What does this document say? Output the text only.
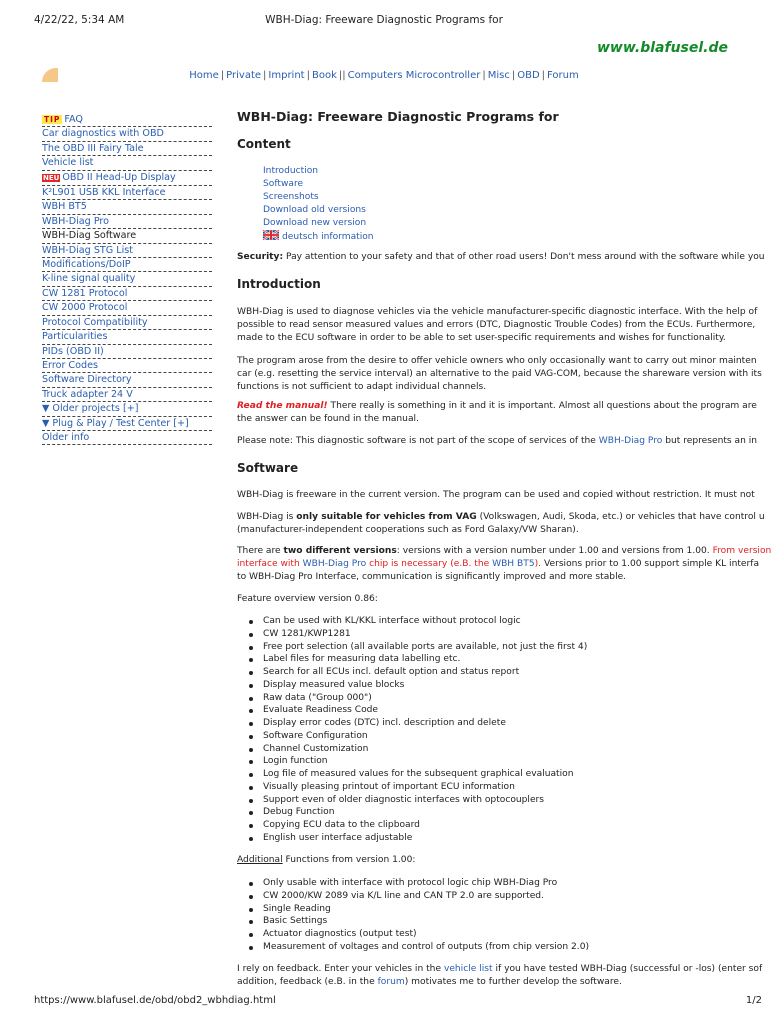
4/22/22, 5:34 AM	WBH-Diag: Freeware Diagnostic Programs for
www.blafusel.de
Home | Private | Imprint | Book || Computers Microcontroller | Misc | OBD | Forum
TIP FAQ
Car diagnostics with OBD
The OBD III Fairy Tale
Vehicle list
NEU OBD II Head-Up Display
K²L901 USB KKL Interface
WBH BT5
WBH-Diag Pro
WBH-Diag Software
WBH-Diag STG List
Modifications/DoIP
K-line signal quality
CW 1281 Protocol
CW 2000 Protocol
Protocol Compatibility
Particularities
PIDs (OBD II)
Error Codes
Software Directory
Truck adapter 24 V
▼ Older projects [+]
▼ Plug & Play / Test Center [+]
Older info
WBH-Diag: Freeware Diagnostic Programs for
Content
Introduction
Software
Screenshots
Download old versions
Download new version
deutsch information
Security: Pay attention to your safety and that of other road users! Don't mess around with the software while you
Introduction
WBH-Diag is used to diagnose vehicles via the vehicle manufacturer-specific diagnostic interface. With the help of
possible to read sensor measured values and errors (DTC, Diagnostic Trouble Codes) from the ECUs. Furthermore,
made to the ECU software in order to be able to set user-specific requirements and wishes for functionality.
The program arose from the desire to offer vehicle owners who only occasionally want to carry out minor mainten
car (e.g. resetting the service interval) an alternative to the paid VAG-COM, because the shareware version with its
functions is not sufficient to adapt individual channels.
Read the manual! There really is something in it and it is important. Almost all questions about the program are
the answer can be found in the manual.
Please note: This diagnostic software is not part of the scope of services of the WBH-Diag Pro but represents an in
Software
WBH-Diag is freeware in the current version. The program can be used and copied without restriction. It must not
WBH-Diag is only suitable for vehicles from VAG (Volkswagen, Audi, Skoda, etc.) or vehicles that have control u
(manufacturer-independent cooperations such as Ford Galaxy/VW Sharan).
There are two different versions: versions with a version number under 1.00 and versions from 1.00. From version
interface with WBH-Diag Pro chip is necessary (e.B. the WBH BT5). Versions prior to 1.00 support simple KL interfa
to WBH-Diag Pro Interface, communication is significantly improved and more stable.
Feature overview version 0.86:
Can be used with KL/KKL interface without protocol logic
CW 1281/KWP1281
Free port selection (all available ports are available, not just the first 4)
Label files for measuring data labelling etc.
Search for all ECUs incl. default option and status report
Display measured value blocks
Raw data ("Group 000")
Evaluate Readiness Code
Display error codes (DTC) incl. description and delete
Software Configuration
Channel Customization
Login function
Log file of measured values for the subsequent graphical evaluation
Visually pleasing printout of important ECU information
Support even of older diagnostic interfaces with optocouplers
Debug Function
Copying ECU data to the clipboard
English user interface adjustable
Additional Functions from version 1.00:
Only usable with interface with protocol logic chip WBH-Diag Pro
CW 2000/KW 2089 via K/L line and CAN TP 2.0 are supported.
Single Reading
Basic Settings
Actuator diagnostics (output test)
Measurement of voltages and control of outputs (from chip version 2.0)
I rely on feedback. Enter your vehicles in the vehicle list if you have tested WBH-Diag (successful or -los) (enter sof
addition, feedback (e.B. in the forum) motivates me to further develop the software.
https://www.blafusel.de/obd/obd2_wbhdiag.html	1/2
